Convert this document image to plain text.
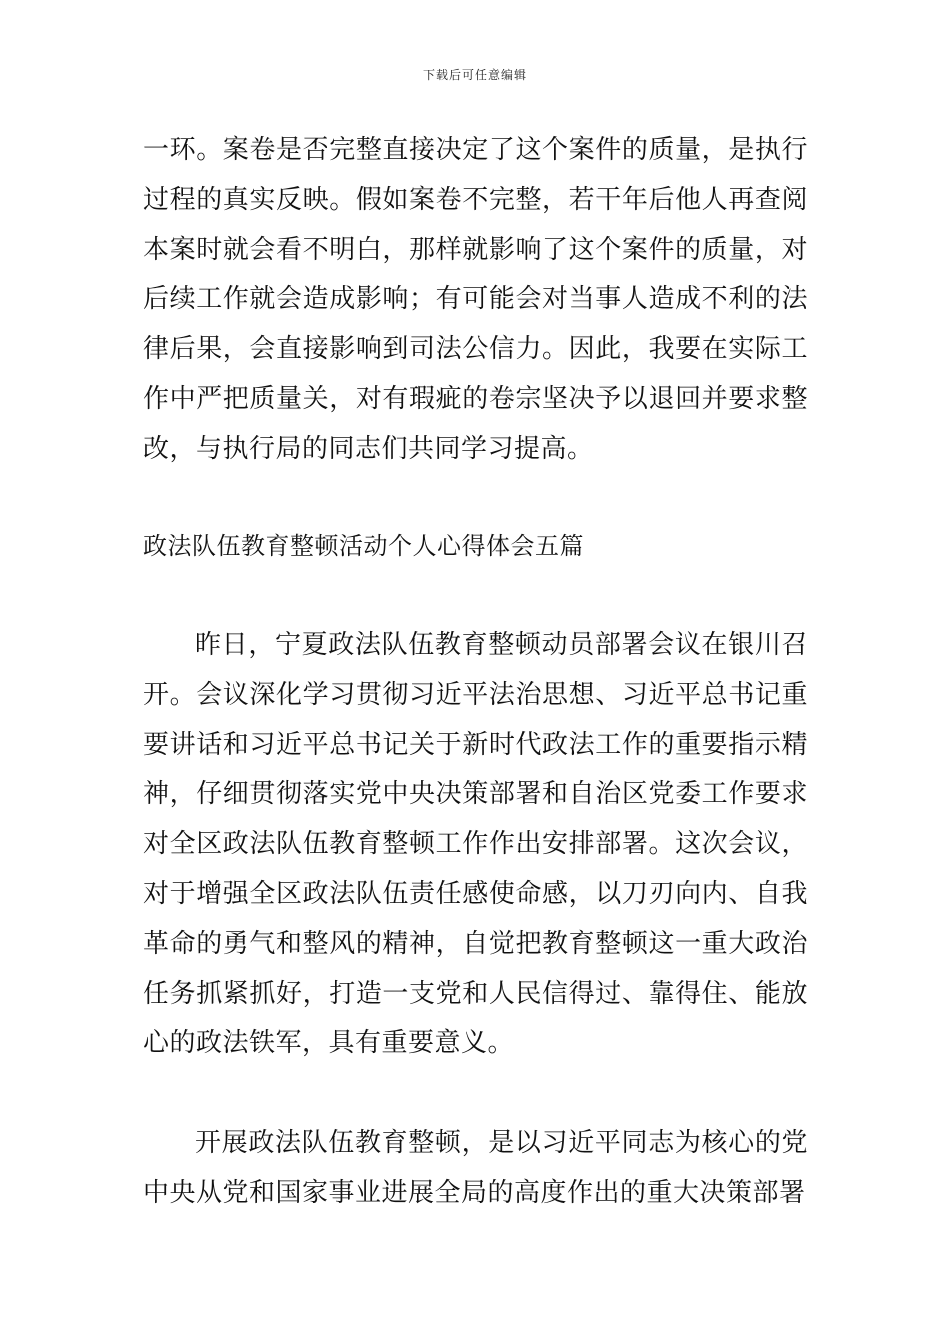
下载后可任意编辑
一环。案卷是否完整直接决定了这个案件的质量，是执行过程的真实反映。假如案卷不完整，若干年后他人再查阅本案时就会看不明白，那样就影响了这个案件的质量，对后续工作就会造成影响；有可能会对当事人造成不利的法律后果，会直接影响到司法公信力。因此，我要在实际工作中严把质量关，对有瑕疵的卷宗坚决予以退回并要求整改，与执行局的同志们共同学习提高。
政法队伍教育整顿活动个人心得体会五篇
昨日，宁夏政法队伍教育整顿动员部署会议在银川召开。会议深化学习贯彻习近平法治思想、习近平总书记重要讲话和习近平总书记关于新时代政法工作的重要指示精神，仔细贯彻落实党中央决策部署和自治区党委工作要求对全区政法队伍教育整顿工作作出安排部署。这次会议，对于增强全区政法队伍责任感使命感，以刀刃向内、自我革命的勇气和整风的精神，自觉把教育整顿这一重大政治任务抓紧抓好，打造一支党和人民信得过、靠得住、能放心的政法铁军，具有重要意义。
开展政法队伍教育整顿，是以习近平同志为核心的党中央从党和国家事业进展全局的高度作出的重大决策部署
